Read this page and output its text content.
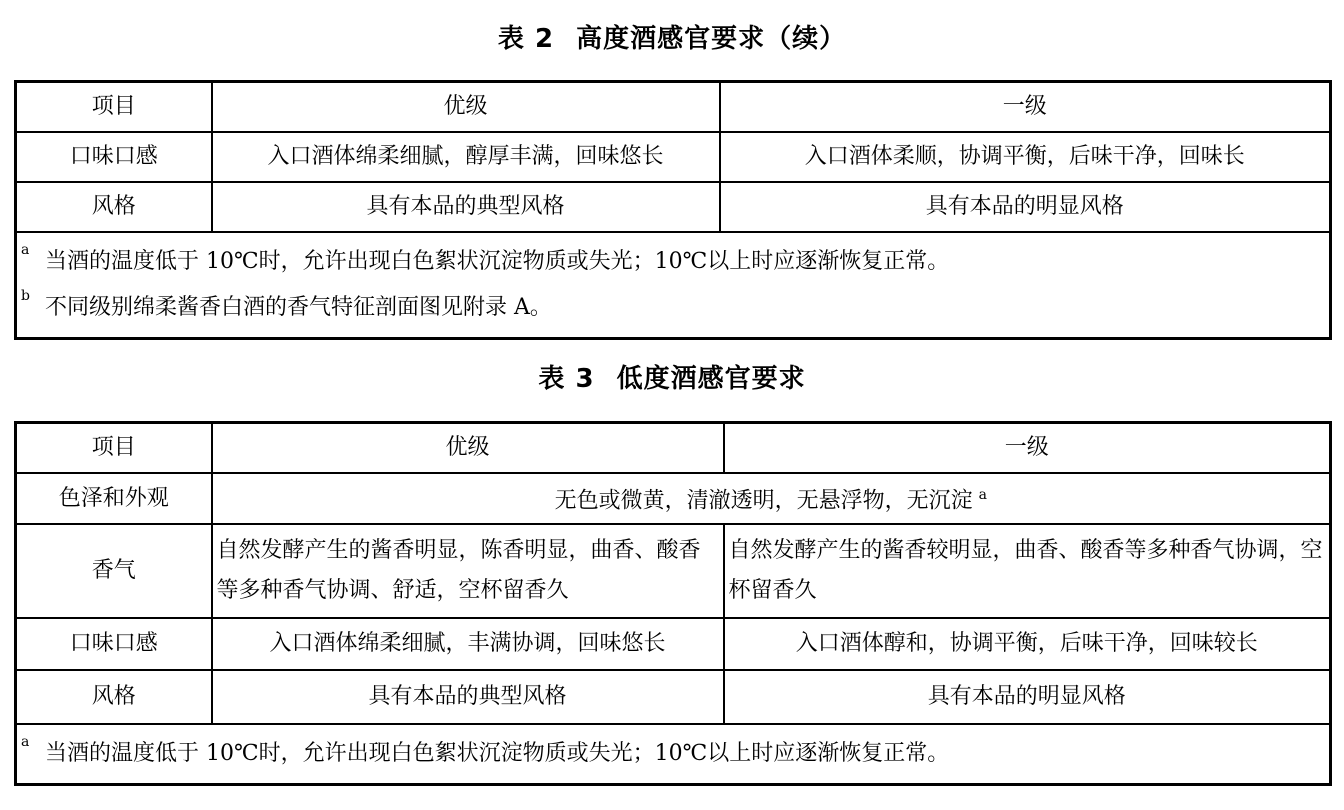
表 2 高度酒感官要求（续）
项目	优级	一级
口味口感	入口酒体绵柔细腻，醇厚丰满，回味悠长	入口酒体柔顺，协调平衡，后味干净，回味长
风格	具有本品的典型风格	具有本品的明显风格

a 当酒的温度低于 10℃时，允许出现白色絮状沉淀物质或失光；10℃以上时应逐渐恢复正常。
b 不同级别绵柔酱香白酒的香气特征剖面图见附录 A。		
表 3 低度酒感官要求
项目	优级	一级
色泽和外观	无色或微黄，清澈透明，无悬浮物，无沉淀 $^a$
香气	自然发酵产生的酱香明显，陈香明显，曲香、酸香等多种香气协调、舒适，空杯留香久	自然发酵产生的酱香较明显，曲香、酸香等多种香气协调，空杯留香久
口味口感	入口酒体绵柔细腻，丰满协调，回味悠长	入口酒体醇和，协调平衡，后味干净，回味较长
风格	具有本品的典型风格	具有本品的明显风格

a 当酒的温度低于 10℃时，允许出现白色絮状沉淀物质或失光；10℃以上时应逐渐恢复正常。		
